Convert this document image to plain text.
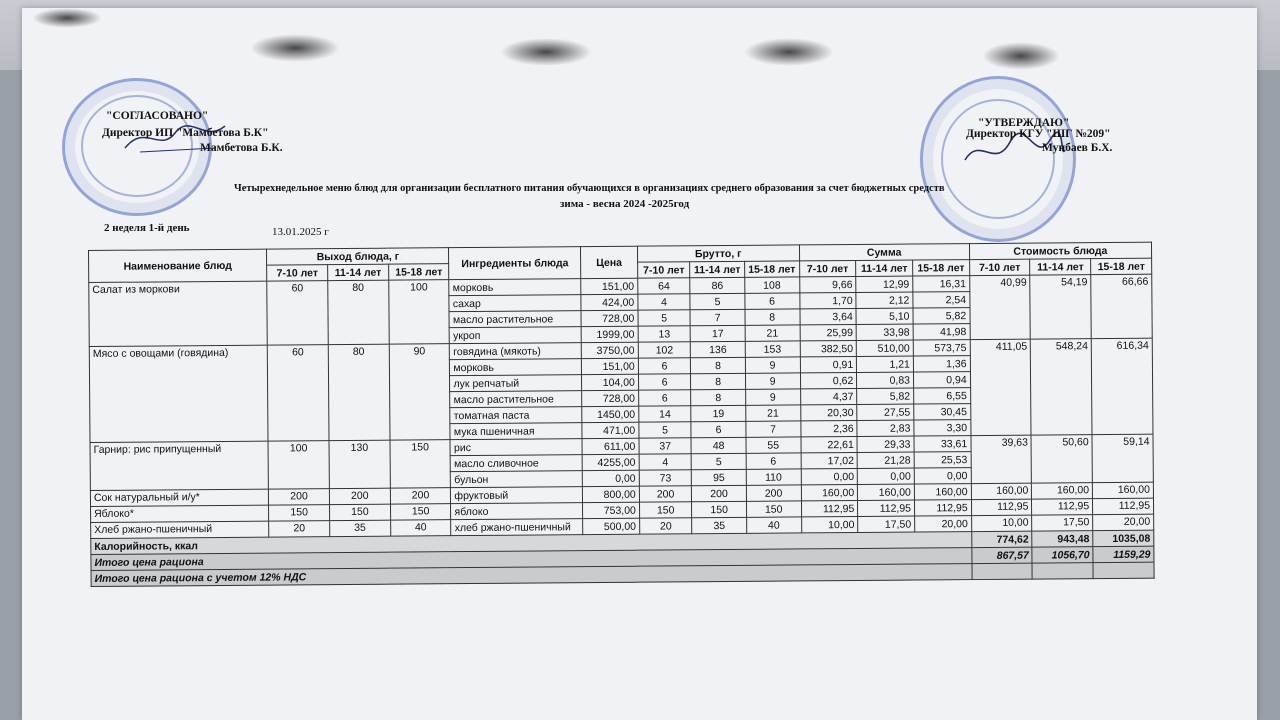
"СОГЛАСОВАНО"
Директор ИП "Мамбетова Б.К"
Мамбетова Б.К.
"УТВЕРЖДАЮ"
Директор КГУ "ШГ №209"
Мунбаев Б.Х.
Четырехнедельное меню блюд для организации бесплатного питания обучающихся в организациях среднего образования за счет бюджетных средств
зима - весна 2024 -2025год
2 неделя 1-й день	13.01.2025 г
Наименование блюд	Выход блюда, г			Ингредиенты блюда	Цена	Брутто, г			Сумма			Стоимость блюда		
	7-10 лет	11-14 лет	15-18 лет			7-10 лет	11-14 лет	15-18 лет	7-10 лет	11-14 лет	15-18 лет	7-10 лет	11-14 лет	15-18 лет
Салат из моркови	60	80	100	морковь	151,00	64	86	108	9,66	12,99	16,31	40,99	54,19	66,66
				сахар	424,00	4	5	6	1,70	2,12	2,54			
				масло растительное	728,00	5	7	8	3,64	5,10	5,82			
				укроп	1999,00	13	17	21	25,99	33,98	41,98			
Мясо с овощами (говядина)	60	80	90	говядина (мякоть)	3750,00	102	136	153	382,50	510,00	573,75	411,05	548,24	616,34
				морковь	151,00	6	8	9	0,91	1,21	1,36			
				лук репчатый	104,00	6	8	9	0,62	0,83	0,94			
				масло растительное	728,00	6	8	9	4,37	5,82	6,55			
				томатная паста	1450,00	14	19	21	20,30	27,55	30,45			
				мука пшеничная	471,00	5	6	7	2,36	2,83	3,30			
Гарнир: рис припущенный	100	130	150	рис	611,00	37	48	55	22,61	29,33	33,61	39,63	50,60	59,14
				масло сливочное	4255,00	4	5	6	17,02	21,28	25,53			
				бульон	0,00	73	95	110	0,00	0,00	0,00			
Сок натуральный и/у*	200	200	200	фруктовый	800,00	200	200	200	160,00	160,00	160,00	160,00	160,00	160,00
Яблоко*	150	150	150	яблоко	753,00	150	150	150	112,95	112,95	112,95	112,95	112,95	112,95
Хлеб ржано-пшеничный	20	35	40	хлеб ржано-пшеничный	500,00	20	35	40	10,00	17,50	20,00	10,00	17,50	20,00
Калорийность, ккал												774,62	943,48	1035,08
Итого цена рациона												867,57	1056,70	1159,29
Итого цена рациона с учетом 12% НДС														
